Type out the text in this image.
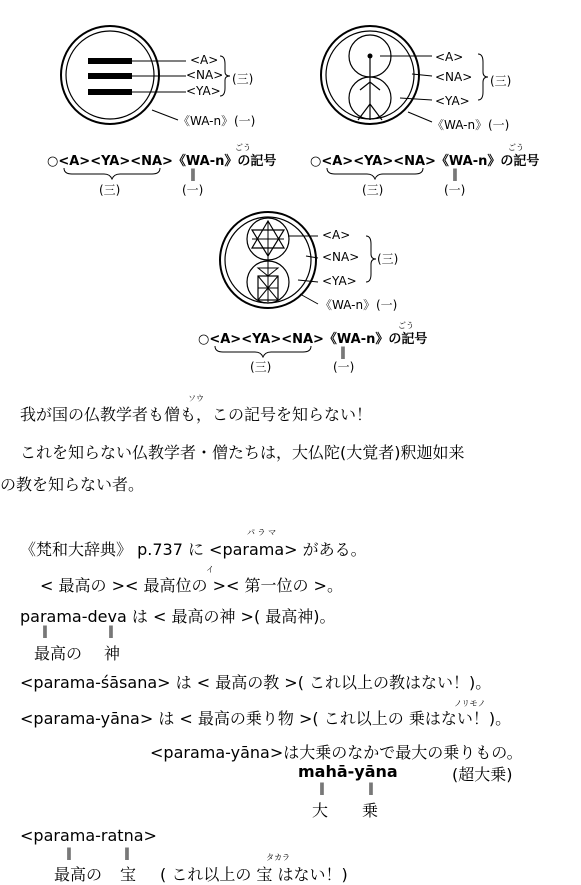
<A>
<NA>
<YA>
(三)
《WA-n》 (一)
ごう
○<A><YA><NA>《WA-n》の記号
‖
(三)	(一)
<A>
<NA>
<YA>
(三)
《WA-n》 (一)
ごう
○<A><YA><NA>《WA-n》の記号
‖
(三)	(一)
<A>
<NA>
<YA>
(三)
《WA-n》 (一)
ごう
○<A><YA><NA>《WA-n》の記号
‖
(三)	(一)
ソウ
我が国の仏教学者も僧も，この記号を知らない！
これを知らない仏教学者・僧たちは，大仏陀(大覚者)釈迦如来
の教を知らない者。
パ ラ マ
《梵和大辞典》 p.737 に <parama> がある。
イ
< 最高の >< 最高位の >< 第一位の >。
parama-deva は < 最高の神 >( 最高神)。
‖	‖
最高の 神
<parama-śāsana> は < 最高の教 >( これ以上の教はない！)。
ノリモノ
<parama-yāna> は < 最高の乗り物 >( これ以上の 乗はない！)。
<parama-yāna>は大乗のなかで最大の乗りもの。
mahā-yāna	(超大乗)
‖	‖
大 乗
<parama-ratna>
‖	‖	タカラ
最高の 宝 ( これ以上の 宝 はない！)
